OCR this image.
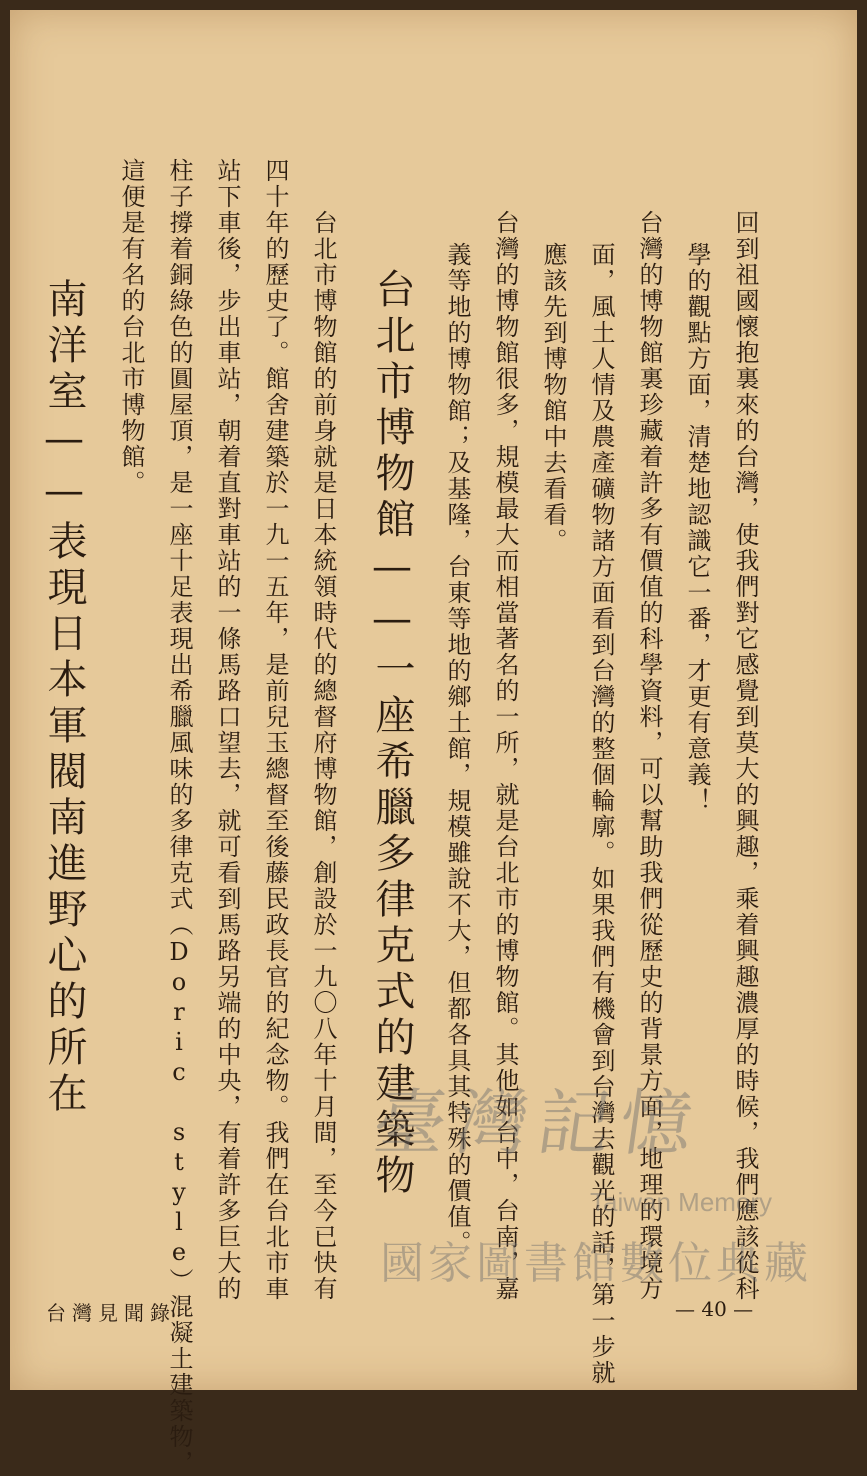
回到祖國懷抱裏來的台灣，使我們對它感覺到莫大的興趣，乘着興趣濃厚的時候，我們應該從科
學的觀點方面，清楚地認識它一番，才更有意義！
台灣的博物館裏珍藏着許多有價值的科學資料，可以幫助我們從歷史的背景方面，地理的環境方
面，風土人情及農產礦物諸方面看到台灣的整個輪廓。如果我們有機會到台灣去觀光的話，第一步就
應該先到博物館中去看看。
台灣的博物館很多，規模最大而相當著名的一所，就是台北市的博物館。其他如台中，台南，嘉
義等地的博物館；及基隆，台東等地的鄉土館，規模雖說不大，但都各具其特殊的價值。
台北市博物館——一座希臘多律克式的建築物
台北市博物館的前身就是日本統領時代的總督府博物館，創設於一九〇八年十月間，至今已快有
四十年的歷史了。館舍建築於一九一五年，是前兒玉總督至後藤民政長官的紀念物。我們在台北市車
站下車後，步出車站，朝着直對車站的一條馬路口望去，就可看到馬路另端的中央，有着許多巨大的
柱子撐着銅綠色的圓屋頂，是一座十足表現出希臘風味的多律克式（Doric style）混凝土建築物，
這便是有名的台北市博物館。
南洋室——表現日本軍閥南進野心的所在
台灣見聞錄	— 40 —
臺灣記憶
Taiwan Memory
國家圖書館數位典藏
